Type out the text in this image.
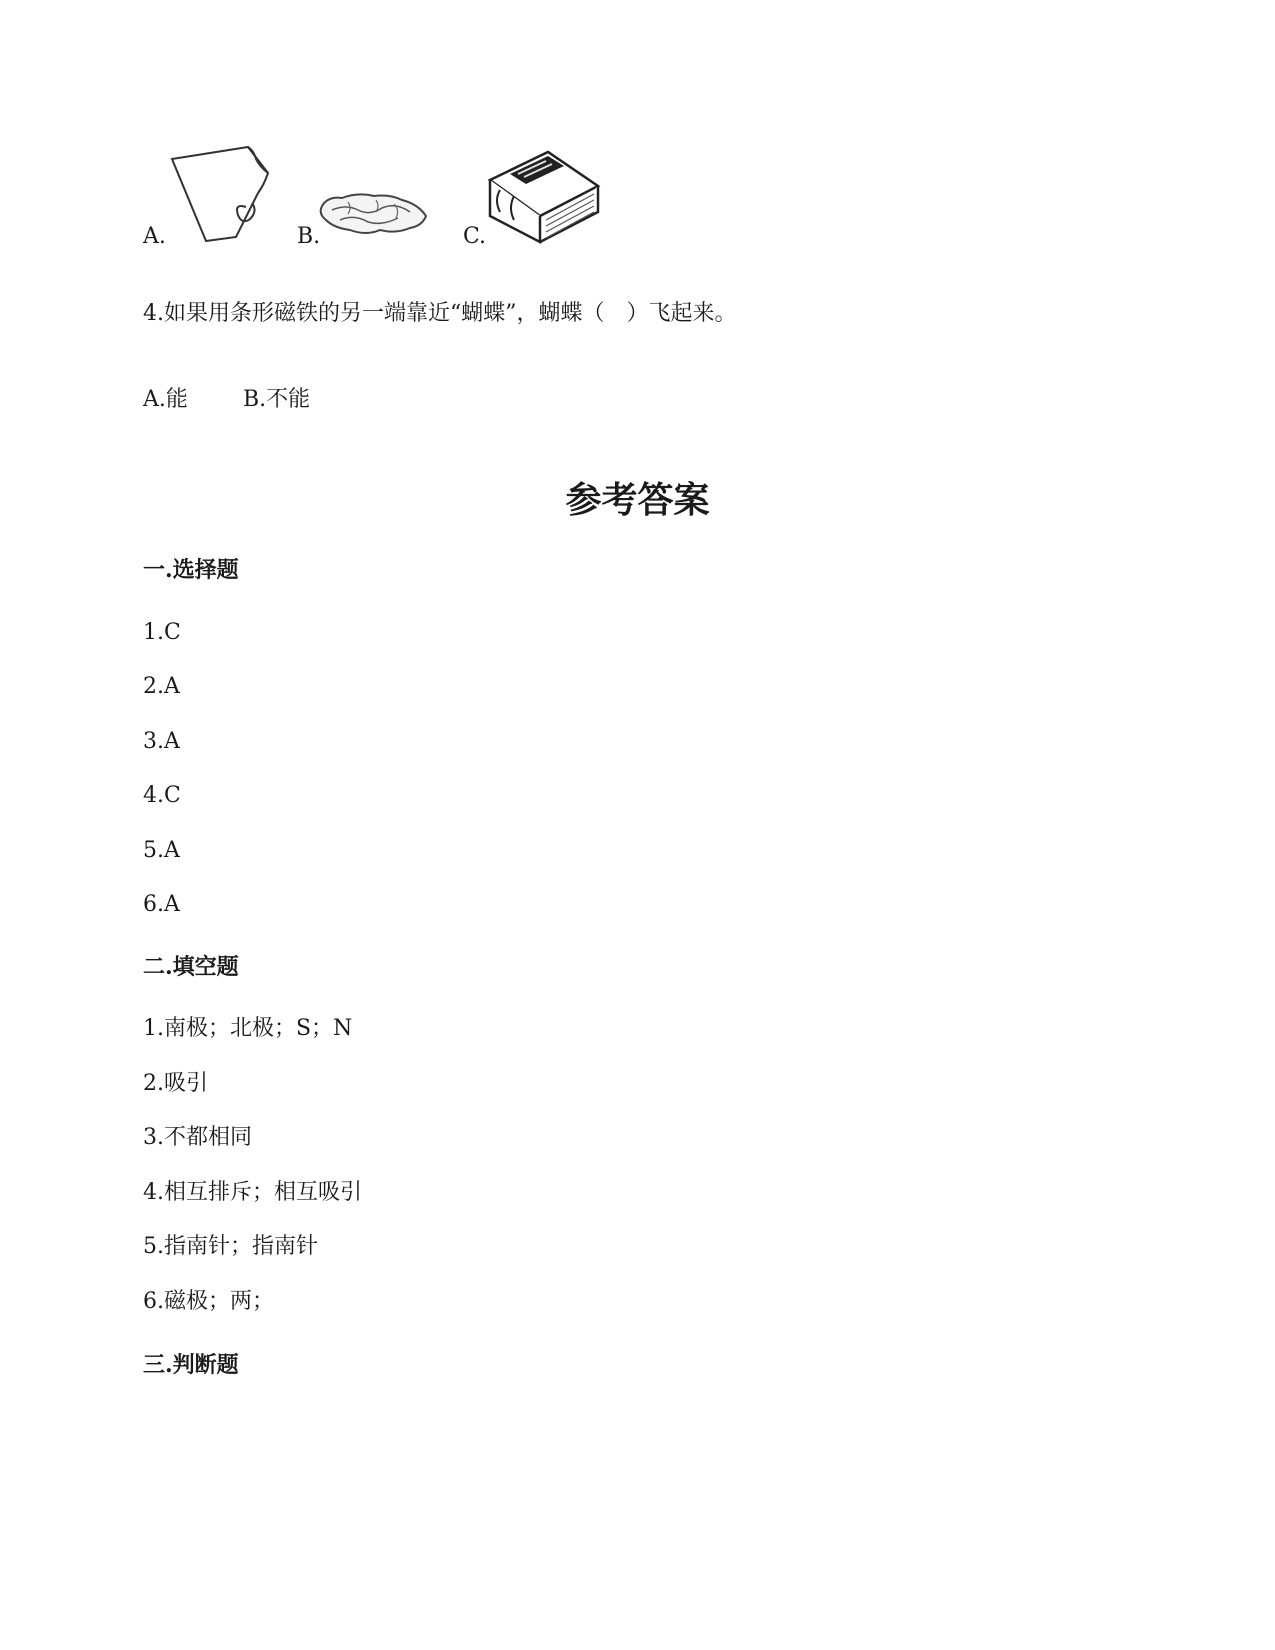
A.	B.	C.
4.如果用条形磁铁的另一端靠近“蝴蝶”，蝴蝶（　）飞起来。
A.能	B.不能
参考答案
一.选择题
1.C
2.A
3.A
4.C
5.A
6.A
二.填空题
1.南极；北极；S；N
2.吸引
3.不都相同
4.相互排斥；相互吸引
5.指南针；指南针
6.磁极；两；
三.判断题
